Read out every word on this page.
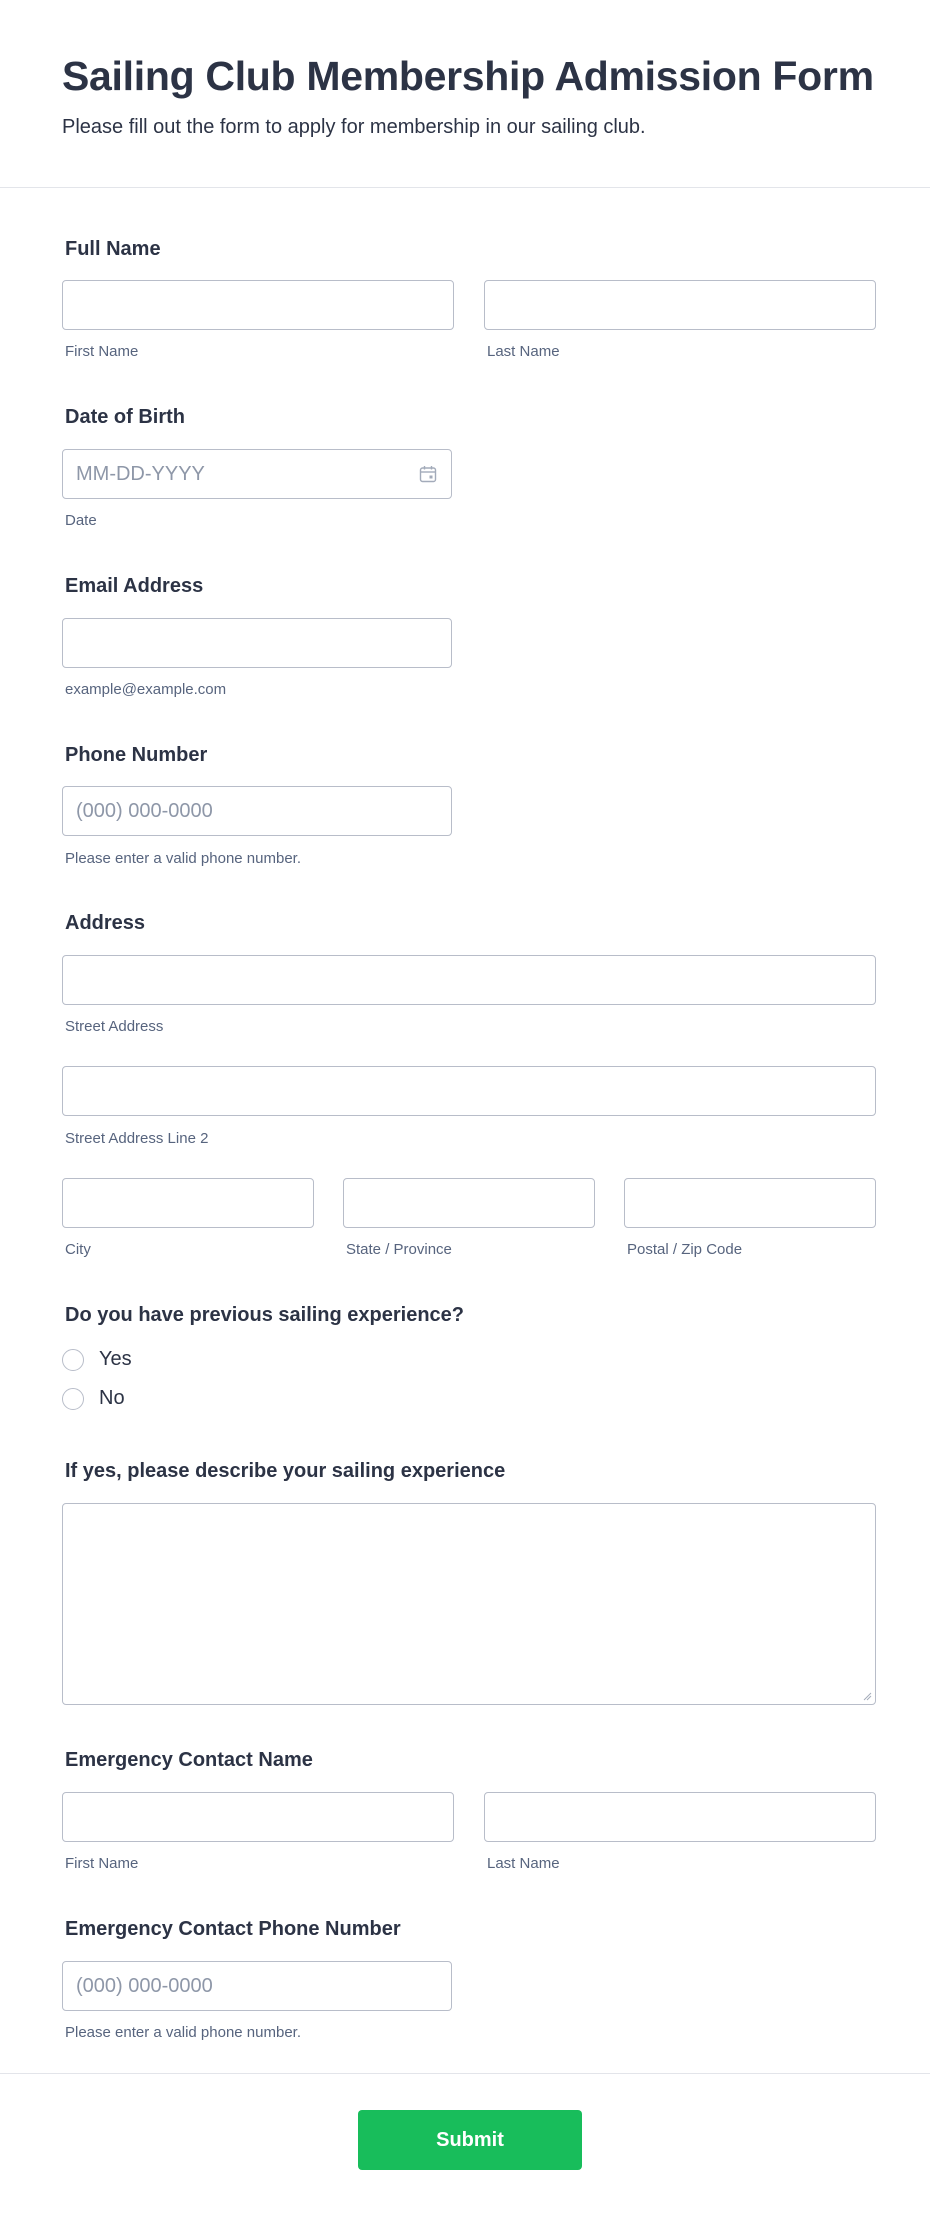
Sailing Club Membership Admission Form
Please fill out the form to apply for membership in our sailing club.
Full Name
First Name	Last Name
Date of Birth
MM-DD-YYYY
Date
Email Address
example@example.com
Phone Number
(000) 000-0000
Please enter a valid phone number.
Address
Street Address
Street Address Line 2
City	State / Province	Postal / Zip Code
Do you have previous sailing experience?
Yes
No
If yes, please describe your sailing experience
Emergency Contact Name
First Name	Last Name
Emergency Contact Phone Number
(000) 000-0000
Please enter a valid phone number.
Submit
